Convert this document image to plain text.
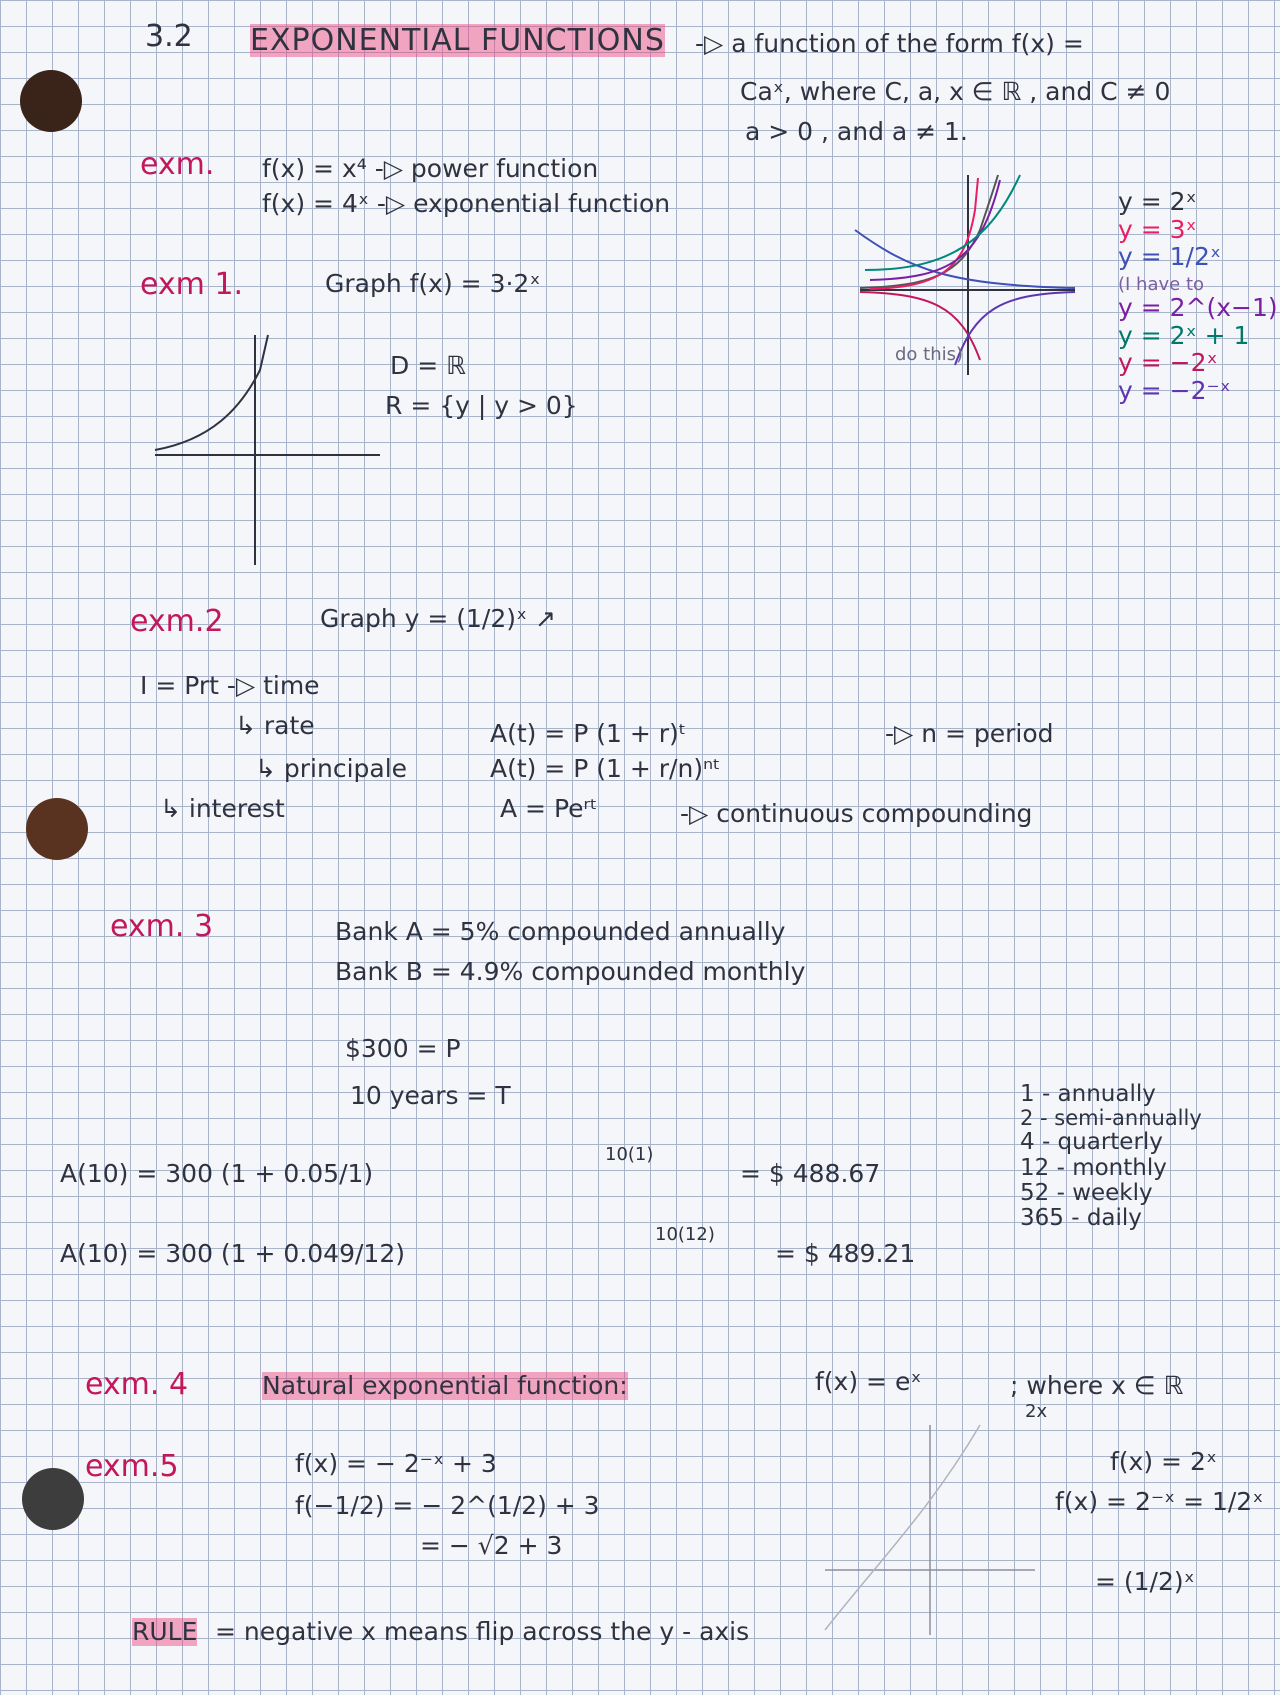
3.2 EXPONENTIAL FUNCTIONS -▷ a function of the form f(x) =
Caˣ, where C, a, x ∈ ℝ , and C ≠ 0
a > 0 , and a ≠ 1.
exm. f(x) = x⁴ -▷ power function
f(x) = 4ˣ -▷ exponential function
do this)
y = 2ˣ
y = 3ˣ
y = 1/2ˣ
(I have to
y = 2^(x−1)
y = 2ˣ + 1
y = −2ˣ
y = −2⁻ˣ
exm 1.	Graph f(x) = 3·2ˣ
D = ℝ
R = {y | y > 0}
exm.2	Graph y = (1/2)ˣ ↗
I = Prt -▷ time
↳ rate
↳ principale
↳ interest
A(t) = P (1 + r)ᵗ
A(t) = P (1 + r/n)ⁿᵗ
-▷ n = period
A = Peʳᵗ	-▷ continuous compounding
exm. 3	Bank A = 5% compounded annually
Bank B = 4.9% compounded monthly
$300 = P
10 years = T
A(10) = 300 (1 + 0.05/1)
10(1)
= $ 488.67
A(10) = 300 (1 + 0.049/12)
10(12)
= $ 489.21
1 - annually
2 - semi-annually
4 - quarterly
12 - monthly
52 - weekly
365 - daily
exm. 4	Natural exponential function:	f(x) = eˣ	; where x ∈ ℝ
exm.5	f(x) = − 2⁻ˣ + 3
f(−1/2) = − 2^(1/2) + 3
= − √2 + 3
2x
f(x) = 2ˣ
f(x) = 2⁻ˣ = 1/2ˣ
= (1/2)ˣ
RULE = negative x means flip across the y - axis
